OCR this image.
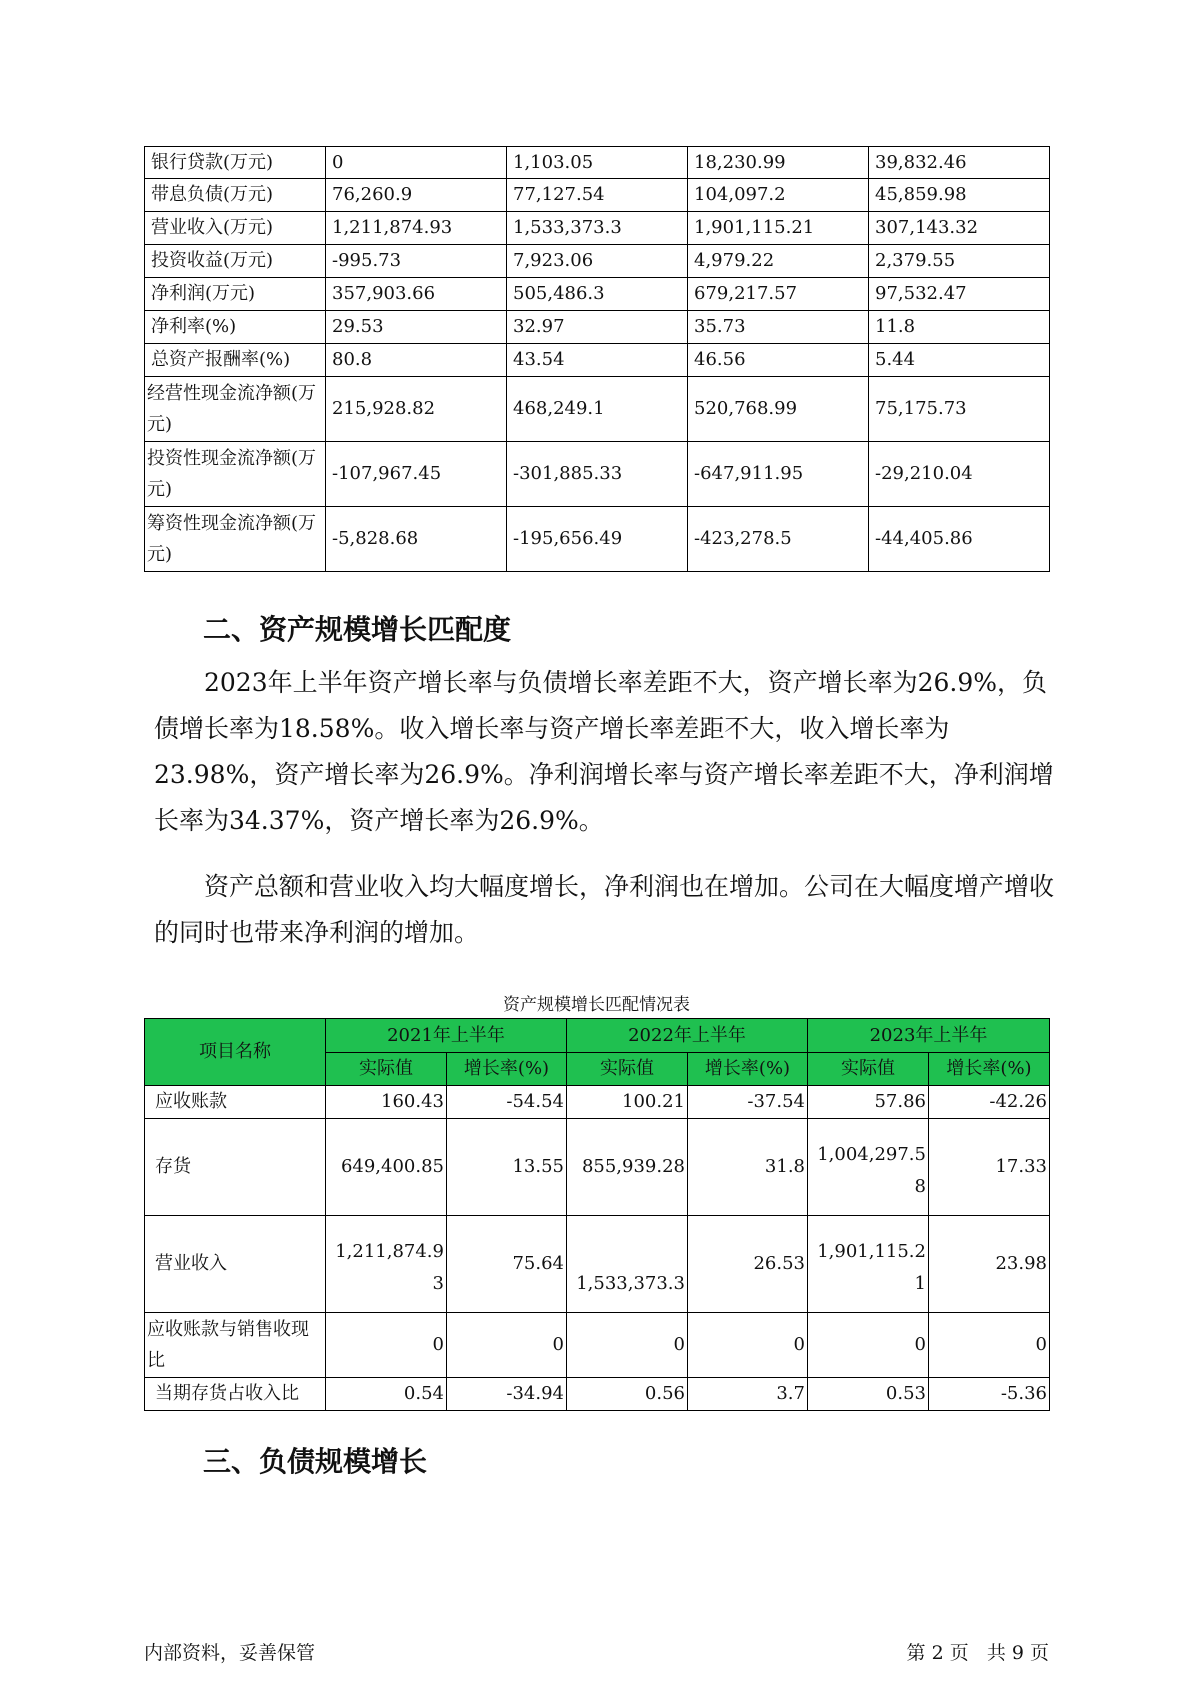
银行贷款(万元)	0	1,103.05	18,230.99	39,832.46
带息负债(万元)	76,260.9	77,127.54	104,097.2	45,859.98
营业收入(万元)	1,211,874.93	1,533,373.3	1,901,115.21	307,143.32
投资收益(万元)	-995.73	7,923.06	4,979.22	2,379.55
净利润(万元)	357,903.66	505,486.3	679,217.57	97,532.47
净利率(%)	29.53	32.97	35.73	11.8
总资产报酬率(%)	80.8	43.54	46.56	5.44
经营性现金流净额(万元)	215,928.82	468,249.1	520,768.99	75,175.73
投资性现金流净额(万元)	-107,967.45	-301,885.33	-647,911.95	-29,210.04
筹资性现金流净额(万元)	-5,828.68	-195,656.49	-423,278.5	-44,405.86
二、资产规模增长匹配度

2023年上半年资产增长率与负债增长率差距不大，资产增长率为26.9%，负债增长率为18.58%。收入增长率与资产增长率差距不大，收入增长率为23.98%，资产增长率为26.9%。净利润增长率与资产增长率差距不大，净利润增长率为34.37%，资产增长率为26.9%。

资产总额和营业收入均大幅度增长，净利润也在增加。公司在大幅度增产增收的同时也带来净利润的增加。

资产规模增长匹配情况表
项目名称	2021年上半年		2022年上半年		2023年上半年	
	实际值	增长率(%)	实际值	增长率(%)	实际值	增长率(%)
应收账款	160.43	-54.54	100.21	-37.54	57.86	-42.26
存货	649,400.85	13.55	855,939.28	31.8	1,004,297.58	17.33
营业收入	1,211,874.93	75.64	1,533,373.3	26.53	1,901,115.21	23.98
应收账款与销售收现比	0	0	0	0	0	0
当期存货占收入比	0.54	-34.94	0.56	3.7	0.53	-5.36
三、负债规模增长
内部资料，妥善保管	第 2 页   共 9 页
